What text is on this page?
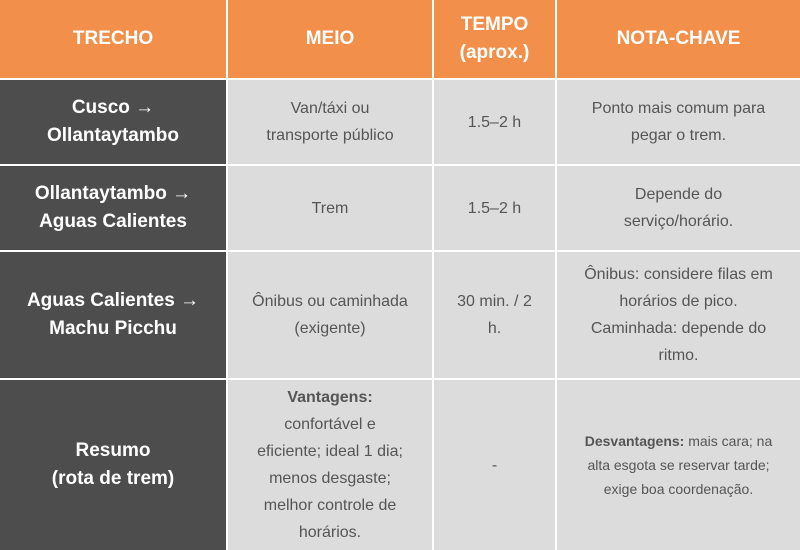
TRECHO	MEIO
TEMPO
(aprox.)
NOTA-CHAVE
Cusco →
Ollantaytambo
Van/táxi ou
transporte público
1.5–2 h
Ponto mais comum para
pegar o trem.
Ollantaytambo →
Aguas Calientes
Trem	1.5–2 h
Depende do
serviço/horário.
Aguas Calientes →
Machu Picchu
Ônibus ou caminhada
(exigente)
30 min. / 2
h.
Ônibus: considere filas em
horários de pico.
Caminhada: depende do
ritmo.
Resumo
(rota de trem)
Vantagens:
confortável e
eficiente; ideal 1 dia;
menos desgaste;
melhor controle de
horários.
-
Desvantagens: mais cara; na
alta esgota se reservar tarde;
exige boa coordenação.
